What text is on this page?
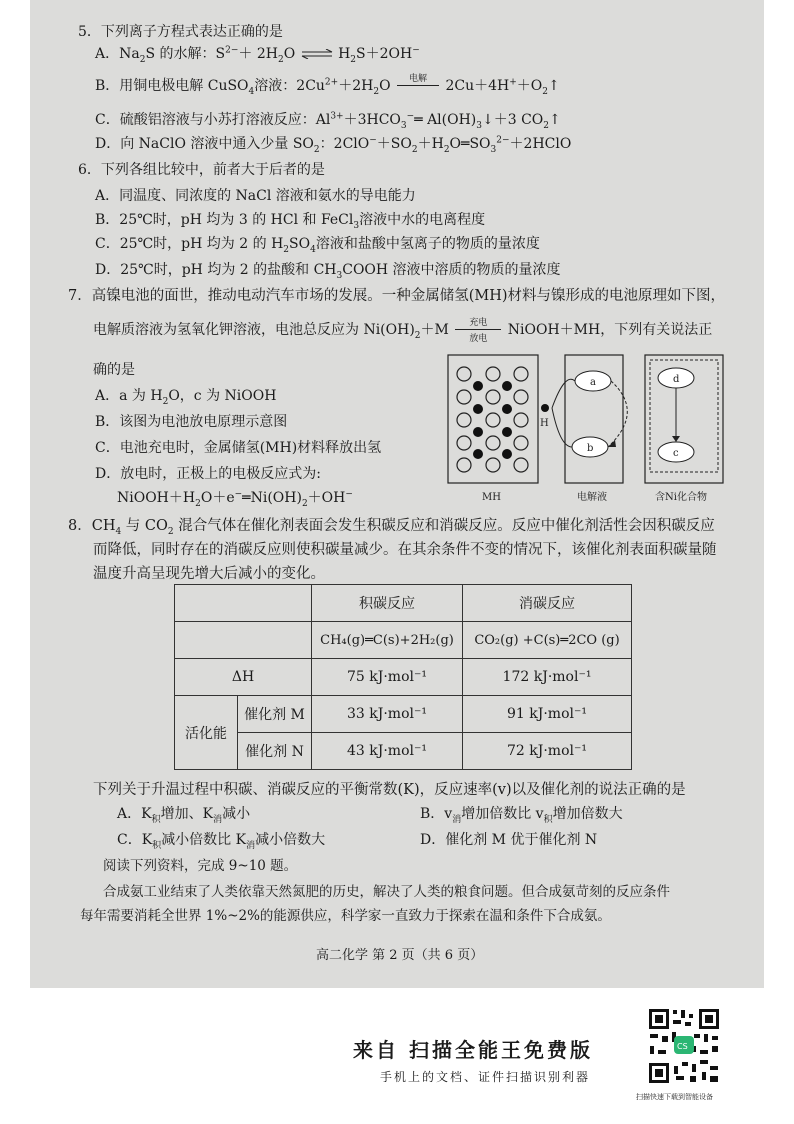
5．下列离子方程式表达正确的是
A．$Na_2S$ 的水解：$S^{2-}+ 2H_2O$ ⇌ $H_2S+2OH^-$
B．用铜电极电解 CuSO$_4$溶液：$2Cu^{2+}+2H_2O$	电解	$2Cu+4H^++O_2↑$
C．硫酸铝溶液与小苏打溶液反应：$Al^{3+}+3HCO_3^-═$ $Al(OH)_3↓+3$ $CO_2↑$
D．向 NaClO 溶液中通入少量 $SO_2$：$2ClO^-+SO_2+H_2O═SO_3^{2-}+2HClO$
6．下列各组比较中，前者大于后者的是
A．同温度、同浓度的 NaCl 溶液和氨水的导电能力
B．25℃时，pH 均为 3 的 HCl 和 FeCl$_3$溶液中水的电离程度
C．25℃时，pH 均为 2 的 $H_2SO_4$溶液和盐酸中氢离子的物质的量浓度
D．25℃时，pH 均为 2 的盐酸和 $CH_3COOH$ 溶液中溶质的物质的量浓度
7．高镍电池的面世，推动电动汽车市场的发展。一种金属储氢(MH)材料与镍形成的电池原理如下图，
电解质溶液为氢氧化钾溶液，电池总反应为 $Ni(OH)_2+M$	充电
放电
NiOOH＋MH，下列有关说法正
确的是
A．a 为 $H_2O$，c 为 NiOOH
B．该图为电池放电原理示意图
C．电池充电时，金属储氢(MH)材料释放出氢
D．放电时，正极上的电极反应式为:
$NiOOH+H_2O+e^-═Ni(OH)_2+OH^-$
H
a
b
d
c
MH	电解液	含Ni化合物
8．$CH_4$ 与 $CO_2$ 混合气体在催化剂表面会发生积碳反应和消碳反应。反应中催化剂活性会因积碳反应
而降低，同时存在的消碳反应则使积碳量减少。在其余条件不变的情况下，该催化剂表面积碳量随
温度升高呈现先增大后减小的变化。
		积碳反应	消碳反应
		CH₄(g)═C(s)+2H₂(g)	CO₂(g) +C(s)═2CO (g)
ΔH		75 kJ·mol⁻¹	172 kJ·mol⁻¹
活化能	催化剂 M	33 kJ·mol⁻¹	91 kJ·mol⁻¹
	催化剂 N	43 kJ·mol⁻¹	72 kJ·mol⁻¹
下列关于升温过程中积碳、消碳反应的平衡常数(K)，反应速率(v)以及催化剂的说法正确的是
A．$K_积$增加、$K_消$减小	B．$v_消$增加倍数比 $v_积$增加倍数大
C．$K_积$减小倍数比 $K_消$减小倍数大	D．催化剂 M 优于催化剂 N
阅读下列资料，完成 9~10 题。
合成氨工业结束了人类依靠天然氮肥的历史，解决了人类的粮食问题。但合成氨苛刻的反应条件
每年需要消耗全世界 1%~2%的能源供应，科学家一直致力于探索在温和条件下合成氨。
高二化学 第 2 页（共 6 页）
来自 扫描全能王免费版
手机上的文档、证件扫描识别利器
CS
扫描快速下载到智能设备
